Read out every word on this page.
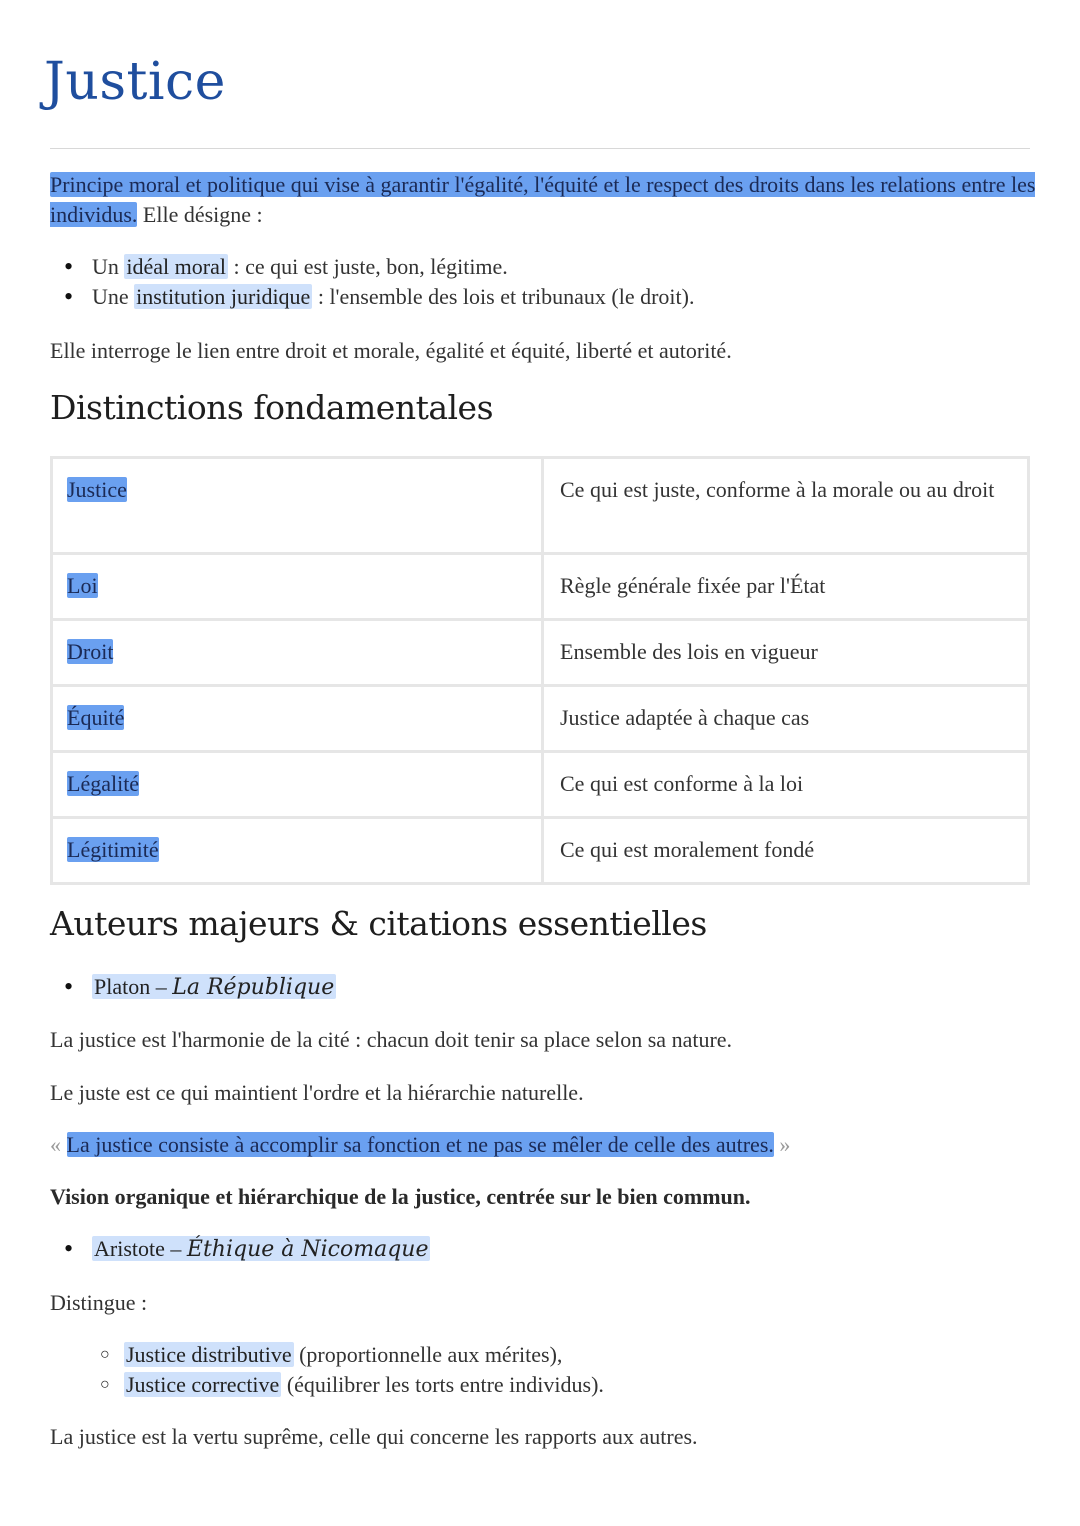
Justice

Principe moral et politique qui vise à garantir l'égalité, l'équité et le respect des droits dans les relations entre les individus. Elle désigne :

• Un idéal moral : ce qui est juste, bon, légitime.
• Une institution juridique : l'ensemble des lois et tribunaux (le droit).

Elle interroge le lien entre droit et morale, égalité et équité, liberté et autorité.

Distinctions fondamentales
Justice	Ce qui est juste, conforme à la morale ou au droit
Loi	Règle générale fixée par l'État
Droit	Ensemble des lois en vigueur
Équité	Justice adaptée à chaque cas
Légalité	Ce qui est conforme à la loi
Légitimité	Ce qui est moralement fondé
Auteurs majeurs & citations essentielles
• Platon – La République

La justice est l'harmonie de la cité : chacun doit tenir sa place selon sa nature.

Le juste est ce qui maintient l'ordre et la hiérarchie naturelle.

« La justice consiste à accomplir sa fonction et ne pas se mêler de celle des autres. »

Vision organique et hiérarchique de la justice, centrée sur le bien commun.

• Aristote – Éthique à Nicomaque

Distingue :

○ Justice distributive (proportionnelle aux mérites),
○ Justice corrective (équilibrer les torts entre individus).

La justice est la vertu suprême, celle qui concerne les rapports aux autres.
